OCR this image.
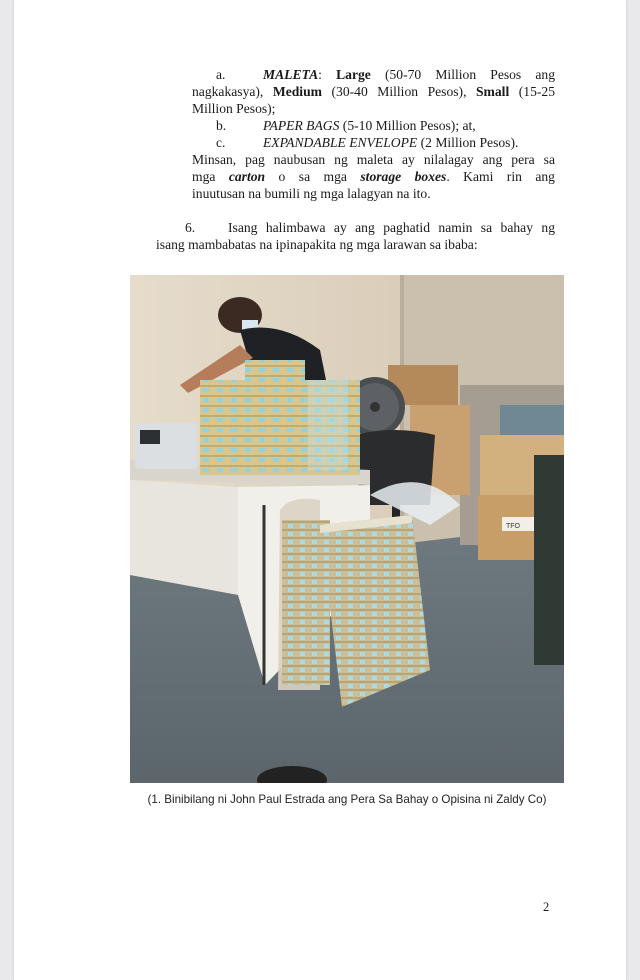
a.	MALETA: Large (50-70 Million Pesos ang
nagkakasya), Medium (30-40 Million Pesos), Small (15-25
Million Pesos);
b.	PAPER BAGS (5-10 Million Pesos); at,
c.	EXPANDABLE ENVELOPE (2 Million Pesos).
Minsan, pag naubusan ng maleta ay nilalagay ang pera sa
mga carton o sa mga storage boxes. Kami rin ang
inuutusan na bumili ng mga lalagyan na ito.
6. Isang halimbawa ay ang paghatid namin sa bahay ng
isang mambabatas na ipinapakita ng mga larawan sa ibaba:
TFO
(1. Binibilang ni John Paul Estrada ang Pera Sa Bahay o Opisina ni Zaldy Co)
2
